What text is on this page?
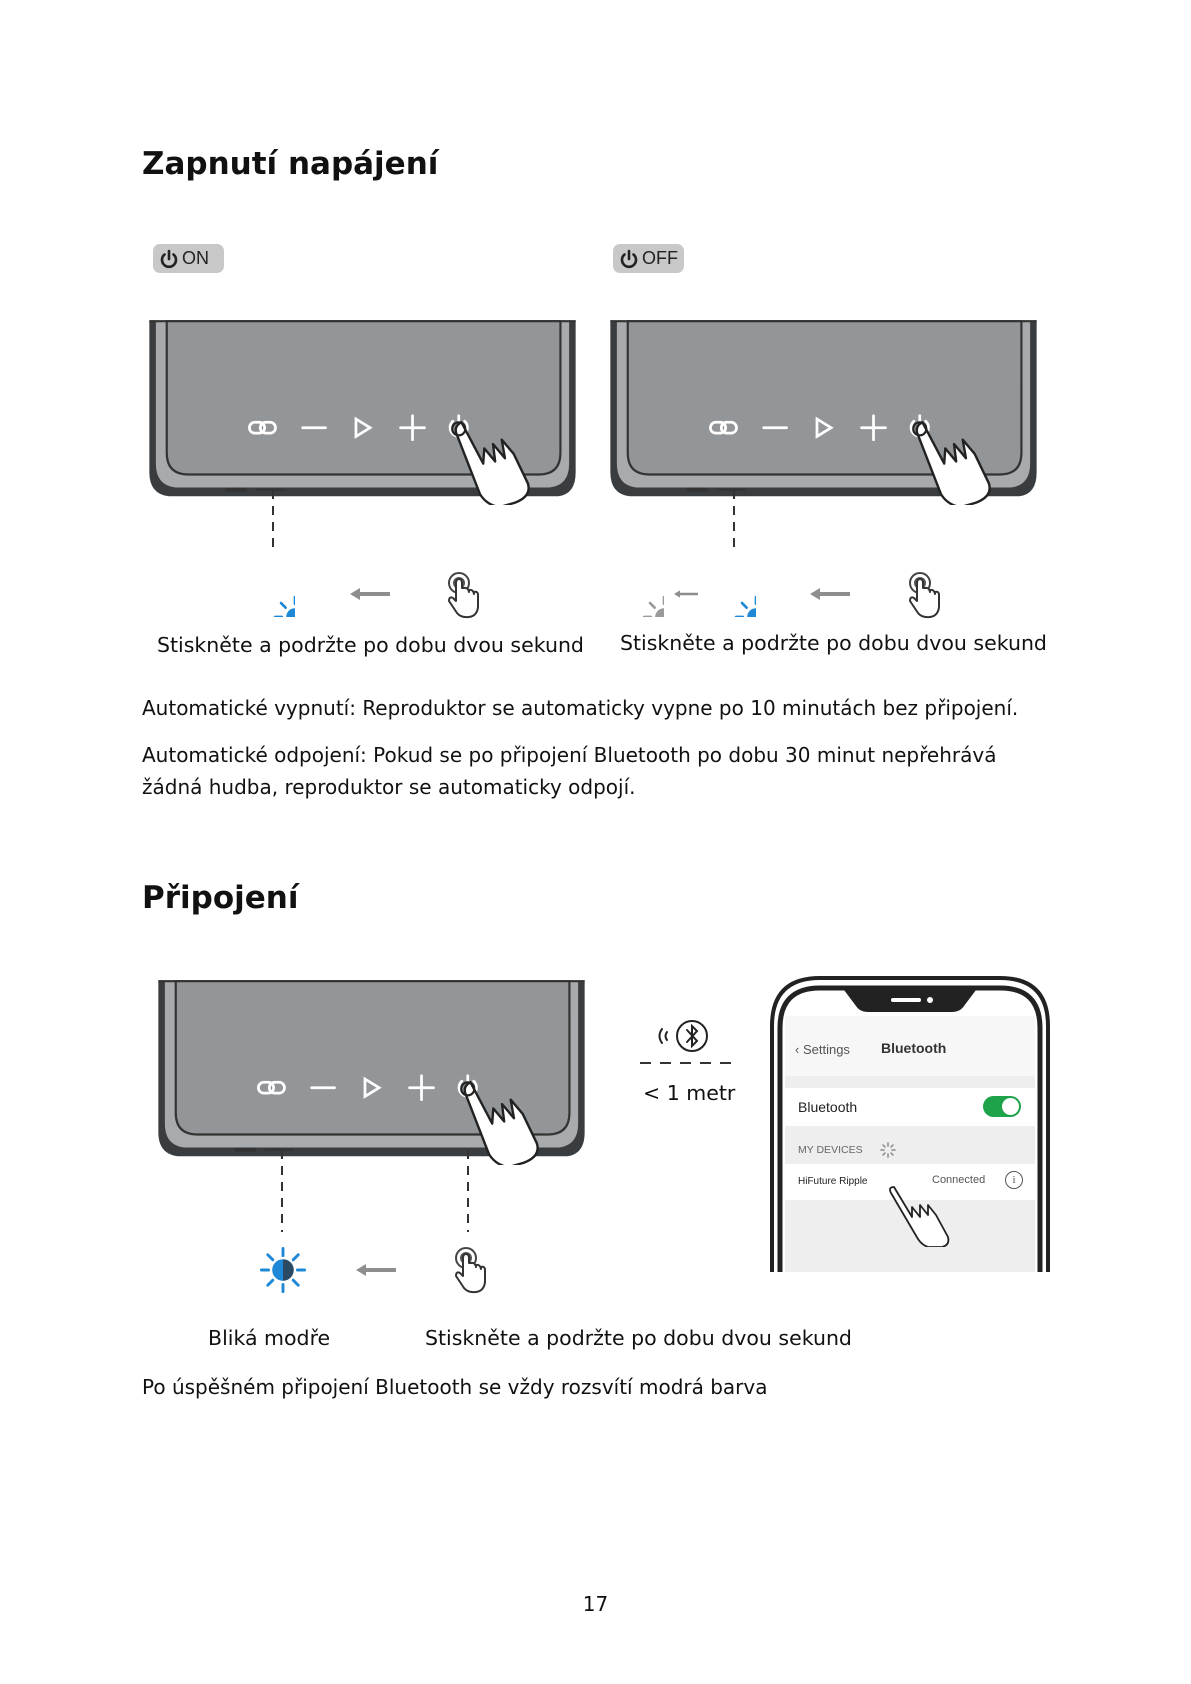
Zapnutí napájení
ON	OFF
Stiskněte a podržte po dobu dvou sekund Stiskněte a podržte po dobu dvou sekund

Automatické vypnutí: Reproduktor se automaticky vypne po 10 minutách bez připojení.

Automatické odpojení: Pokud se po připojení Bluetooth po dobu 30 minut nepřehrává žádná hudba, reproduktor se automaticky odpojí.

Připojení
< 1 metr
‹ Settings Bluetooth
Bluetooth
MY DEVICES
HiFuture Ripple	Connected	i
Bliká modře	Stiskněte a podržte po dobu dvou sekund

Po úspěšném připojení Bluetooth se vždy rozsvítí modrá barva

17
